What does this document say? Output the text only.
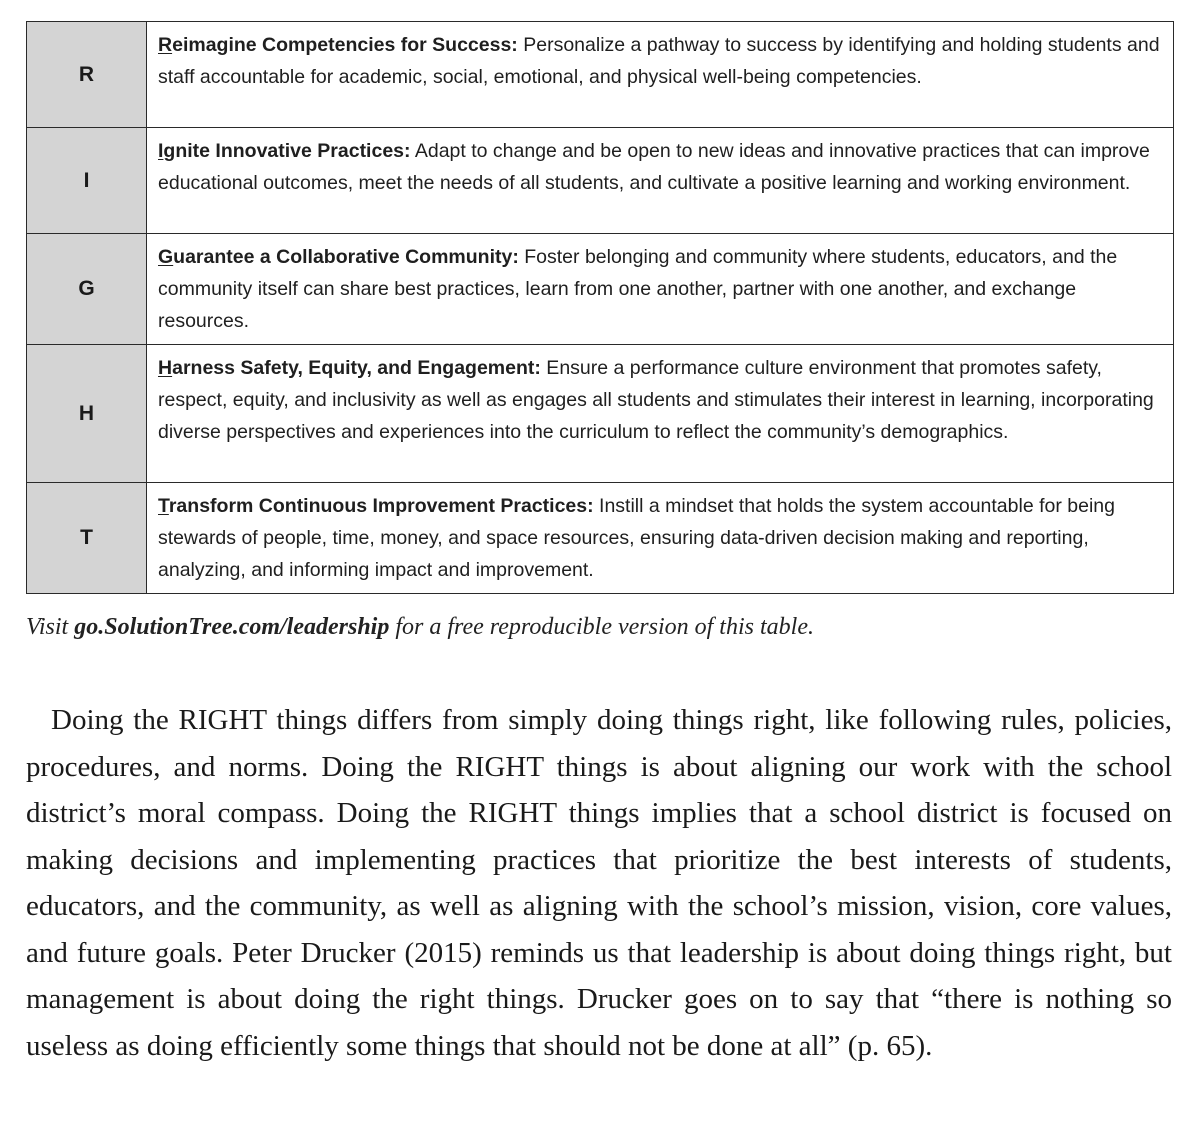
R	Reimagine Competencies for Success: Personalize a pathway to success by identifying and holding students and staff accountable for academic, social, emotional, and physical well-being competencies.
I	Ignite Innovative Practices: Adapt to change and be open to new ideas and innovative practices that can improve educational outcomes, meet the needs of all students, and cultivate a positive learning and working environment.
G	Guarantee a Collaborative Community: Foster belonging and community where students, educators, and the community itself can share best practices, learn from one another, partner with one another, and exchange resources.
H	Harness Safety, Equity, and Engagement: Ensure a performance culture environment that promotes safety, respect, equity, and inclusivity as well as engages all students and stimulates their interest in learning, incorporating diverse perspectives and experiences into the curriculum to reflect the community’s demographics.
T	Transform Continuous Improvement Practices: Instill a mindset that holds the system accountable for being stewards of people, time, money, and space resources, ensuring data-driven decision making and reporting, analyzing, and informing impact and improvement.
Visit go.SolutionTree.com/leadership for a free reproducible version of this table.

Doing the RIGHT things differs from simply doing things right, like following rules, policies, procedures, and norms. Doing the RIGHT things is about aligning our work with the school district’s moral compass. Doing the RIGHT things implies that a school district is focused on making decisions and implementing practices that prioritize the best interests of students, educators, and the community, as well as aligning with the school’s mission, vision, core values, and future goals. Peter Drucker (2015) reminds us that leadership is about doing things right, but management is about doing the right things. Drucker goes on to say that “there is nothing so useless as doing efficiently some things that should not be done at all” (p. 65).
